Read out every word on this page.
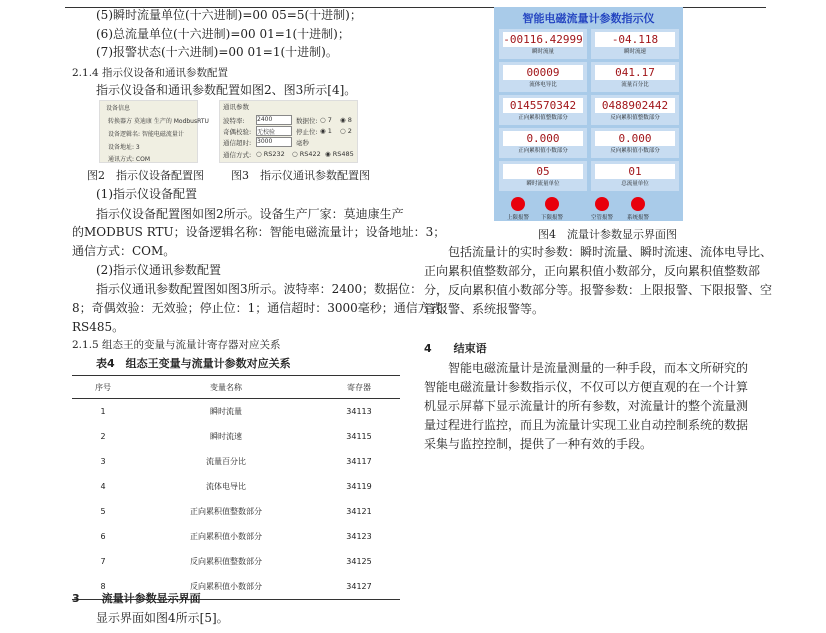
(5)瞬时流量单位(十六进制)=00 05=5(十进制)；
(6)总流量单位(十六进制)=00 01=1(十进制)；
(7)报警状态(十六进制)=00 01=1(十进制)。
2.1.4 指示仪设备和通讯参数配置
指示仪设备和通讯参数配置如图2、图3所示[4]。
设备信息
转换器方 莫迪康 生产的 ModbusRTU
设备逻辑名: 智能电磁流量计
设备地址: 3
通讯方式: COM
通讯参数
波特率: 2400
奇偶校验: 无校验
通信超时: 3000	毫秒
通信方式:
数据位:
停止位:
○ 7 ◉ 8
◉ 1 ○ 2
○ RS232 ○ RS422 ◉ RS485
图2　指示仪设备配置图 图3　指示仪通讯参数配置图
(1)指示仪设备配置
指示仪设备配置图如图2所示。设备生产厂家：莫迪康生产
的MODBUS RTU；设备逻辑名称：智能电磁流量计；设备地址：3；
通信方式：COM。
(2)指示仪通讯参数配置
指示仪通讯参数配置图如图3所示。波特率：2400；数据位：
8；奇偶效验：无效验；停止位：1；通信超时：3000毫秒；通信方式：
RS485。
2.1.5 组态王的变量与流量计寄存器对应关系
表4　组态王变量与流量计参数对应关系
序号	变量名称	寄存器
1	瞬时流量	34113
2	瞬时流速	34115
3	流量百分比	34117
4	流体电导比	34119
5	正向累积值整数部分	34121
6	正向累积值小数部分	34123
7	反向累积值整数部分	34125
8	反向累积值小数部分	34127
3　　流量计参数显示界面
显示界面如图4所示[5]。
智能电磁流量计参数指示仪
-00116.42999
瞬时流量
-04.118
瞬时流速
00009
流体电导比
041.17
流量百分比
0145570342
正向累积值整数部分
0488902442
反向累积值整数部分
0.000
正向累积值小数部分
0.000
反向累积值小数部分
05
瞬时流量单位
01
总流量单位
上限报警	下限报警	空管报警	系统报警
图4　流量计参数显示界面图
包括流量计的实时参数：瞬时流量、瞬时流速、流体电导比、
正向累积值整数部分，正向累积值小数部分，反向累积值整数部
分，反向累积值小数部分等。报警参数：上限报警、下限报警、空
管报警、系统报警等。
4　　结束语
智能电磁流量计是流量测量的一种手段，而本文所研究的
智能电磁流量计参数指示仪，不仅可以方便直观的在一个计算
机显示屏幕下显示流量计的所有参数，对流量计的整个流量测
量过程进行监控，而且为流量计实现工业自动控制系统的数据
采集与监控控制，提供了一种有效的手段。
